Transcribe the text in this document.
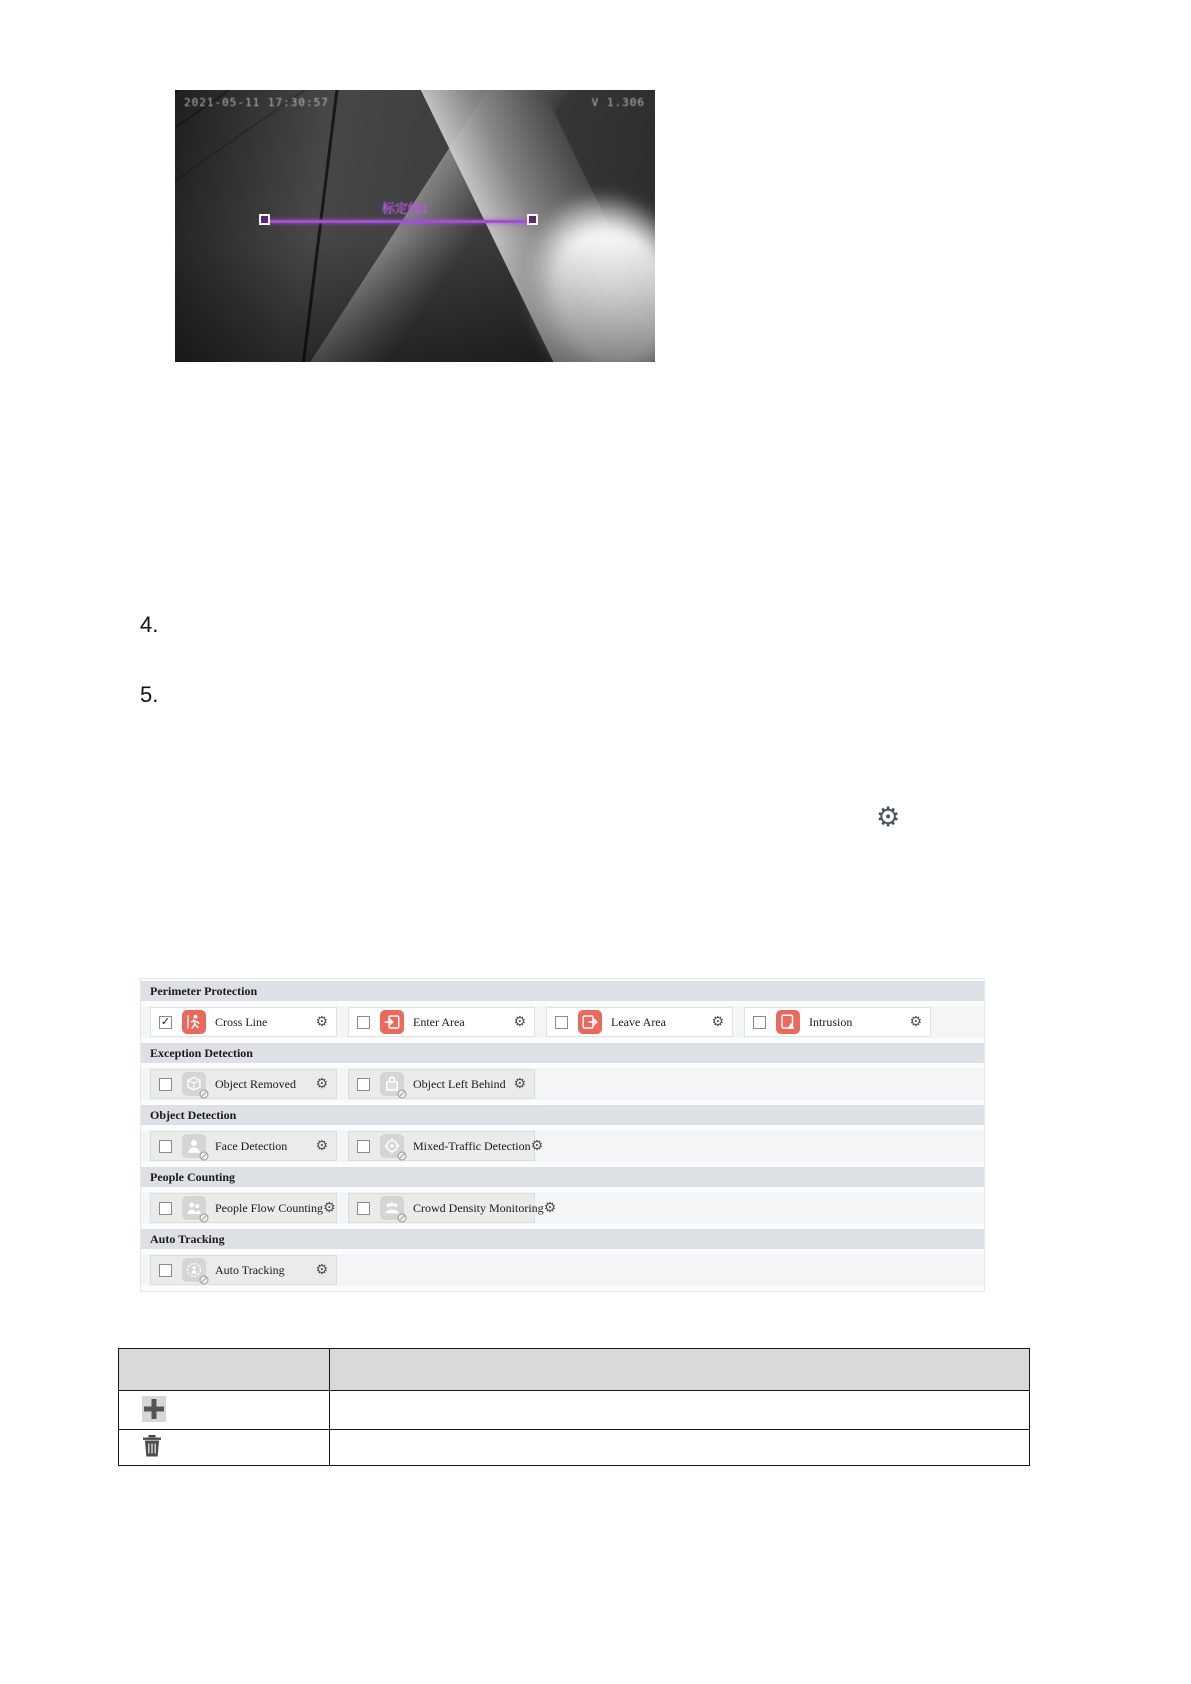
2021-05-11 17:30:57	V 1.306
标定线1
4.
5.
⚙
Perimeter Protection
✓	Cross Line	⚙	Enter Area	⚙	Leave Area	⚙	Intrusion	⚙
Exception Detection
Object Removed ⚙	Object Left Behind ⚙
Object Detection
Face Detection ⚙	Mixed-Traffic Detection ⚙
People Counting
People Flow Counting ⚙	Crowd Density Monitoring ⚙
Auto Tracking
Auto Tracking ⚙
